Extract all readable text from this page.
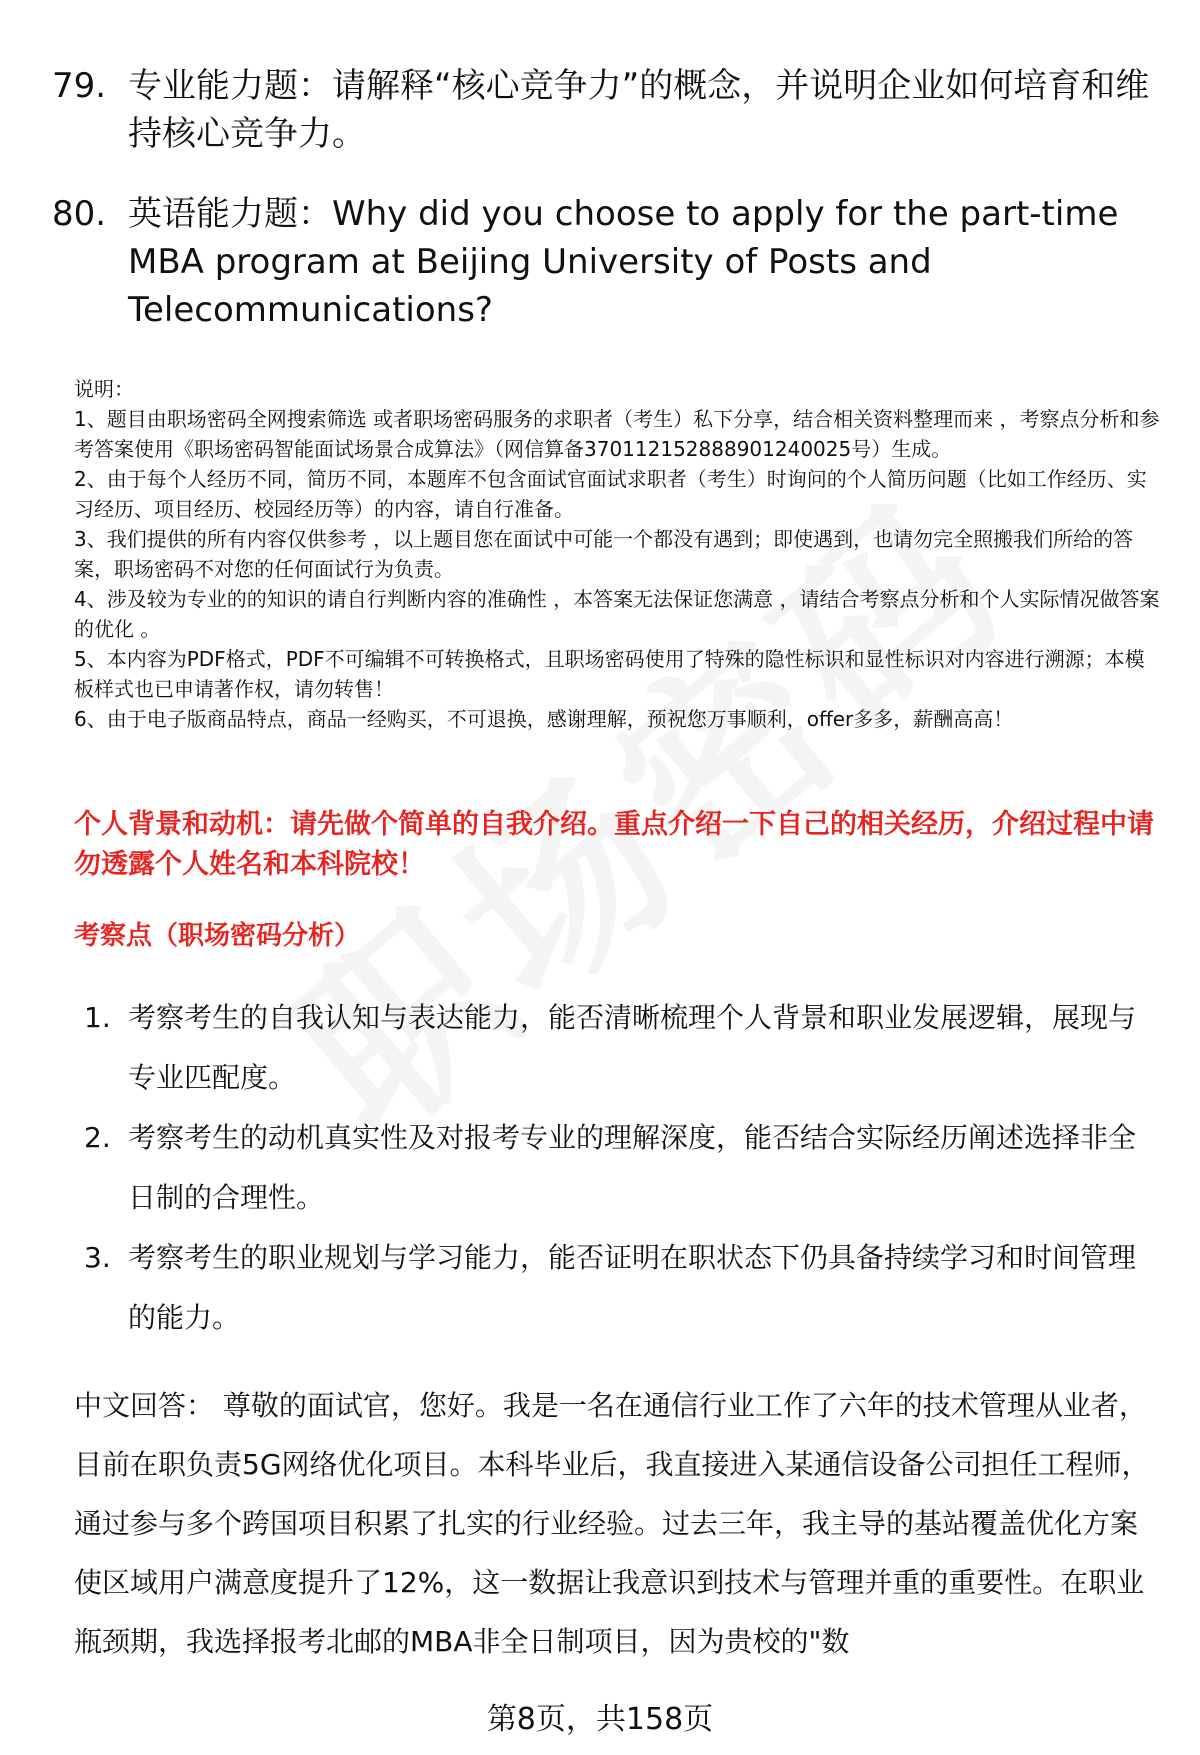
79. 专业能力题：请解释“核心竞争力”的概念，并说明企业如何培育和维持核心竞争力。
80. 英语能力题：Why did you choose to apply for the part-time MBA program at Beijing University of Posts and Telecommunications?

说明：

1、题目由职场密码全网搜索筛选 或者职场密码服务的求职者（考生）私下分享，结合相关资料整理而来 ，考察点分析和参考答案使用《职场密码智能面试场景合成算法》（网信算备370112152888901240025号）生成。

2、由于每个人经历不同，简历不同，本题库不包含面试官面试求职者（考生）时询问的个人简历问题（比如工作经历、实习经历、项目经历、校园经历等）的内容，请自行准备。

3、我们提供的所有内容仅供参考 ，以上题目您在面试中可能一个都没有遇到；即使遇到，也请勿完全照搬我们所给的答案，职场密码不对您的任何面试行为负责。

4、涉及较为专业的的知识的请自行判断内容的准确性 ，本答案无法保证您满意 ，请结合考察点分析和个人实际情况做答案的优化 。

5、本内容为PDF格式，PDF不可编辑不可转换格式，且职场密码使用了特殊的隐性标识和显性标识对内容进行溯源；本模板样式也已申请著作权，请勿转售！

6、由于电子版商品特点，商品一经购买，不可退换，感谢理解，预祝您万事顺利，offer多多，薪酬高高！

个人背景和动机：请先做个简单的自我介绍。重点介绍一下自己的相关经历，介绍过程中请勿透露个人姓名和本科院校！
考察点（职场密码分析）
1. 考察考生的自我认知与表达能力，能否清晰梳理个人背景和职业发展逻辑，展现与专业匹配度。
2. 考察考生的动机真实性及对报考专业的理解深度，能否结合实际经历阐述选择非全日制的合理性。
3. 考察考生的职业规划与学习能力，能否证明在职状态下仍具备持续学习和时间管理的能力。

中文回答： 尊敬的面试官，您好。我是一名在通信行业工作了六年的技术管理从业者，目前在职负责5G网络优化项目。本科毕业后，我直接进入某通信设备公司担任工程师，通过参与多个跨国项目积累了扎实的行业经验。过去三年，我主导的基站覆盖优化方案使区域用户满意度提升了12%，这一数据让我意识到技术与管理并重的重要性。在职业瓶颈期，我选择报考北邮的MBA非全日制项目，因为贵校的"数

第8页，共158页
